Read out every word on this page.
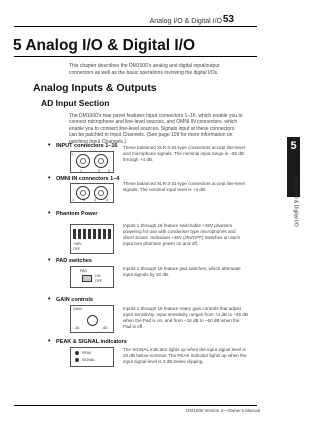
Analog I/O & Digital I/O 53
5
Analog I/O & Digital I/O
5 Analog I/O & Digital I/O
This chapter describes the DM1000's analog and digital input/output connectors as well as the basic operations involving the digital I/Os.
Analog Inputs & Outputs
AD Input Section
The DM1000's rear panel features Input connectors 1–16, which enable you to connect microphone and line-level sources, and OMNI IN connectors, which enable you to connect line-level sources. Signals input at these connectors can be patched to Input Channels. (See page 109 for more information on patching Input Channels.)
• INPUT connectors 1–16
1
1	2 3
These balanced XLR-3-31-type connectors accept line-level and microphone signals. The nominal input range is –60 dB through +4 dB.
• OMNI IN connectors 1–4
1	2	3	4
These balanced XLR-3-31-type connectors accept line-level signals. The nominal input level is +4 dB.
• Phantom Power
+48V
OFF
Inputs 1 through 16 feature switchable +48V phantom powering for use with condenser type microphones and direct boxes. Individual +48V (ON/OFF) switches on each input turn phantom power on and off.
• PAD switches
PAD
ON
OFF
Inputs 1 through 16 feature pad switches, which attenuate input signals by 20 dB.
• GAIN controls
GAIN
-16	-60
Inputs 1 through 16 feature rotary gain controls that adjust input sensitivity. Input sensitivity ranges from +4 dB to –46 dB when the Pad is on, and from –16 dB to –60 dB when the Pad is off.
• PEAK & SIGNAL indicators
PEAK
SIGNAL
The SIGNAL indicator lights up when the input signal level is 20 dB below nominal. The PEAK indicator lights up when the input signal level is 3 dB below clipping.
DM1000 Version 2—Owner's Manual
